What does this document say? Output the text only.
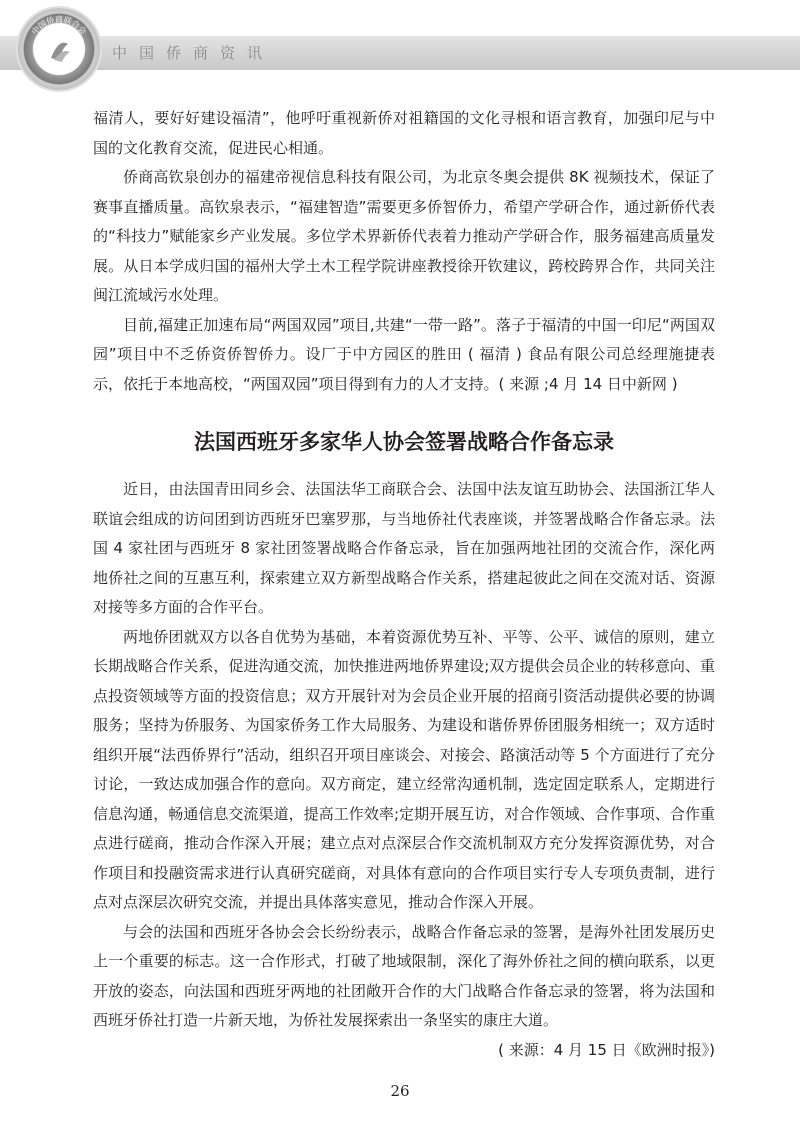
中国侨商联合会
中国侨商资讯

福清人，要好好建设福清”，他呼吁重视新侨对祖籍国的文化寻根和语言教育，加强印尼与中国的文化教育交流，促进民心相通。

侨商高钦泉创办的福建帝视信息科技有限公司，为北京冬奥会提供 8K 视频技术，保证了赛事直播质量。高钦泉表示，“福建智造”需要更多侨智侨力，希望产学研合作，通过新侨代表的“科技力”赋能家乡产业发展。多位学术界新侨代表着力推动产学研合作，服务福建高质量发展。从日本学成归国的福州大学土木工程学院讲座教授徐开钦建议，跨校跨界合作，共同关注闽江流域污水处理。

目前,福建正加速布局“两国双园”项目,共建“一带一路”。落子于福清的中国一印尼“两国双园”项目中不乏侨资侨智侨力。设厂于中方园区的胜田 ( 福清 ) 食品有限公司总经理施捷表示，依托于本地高校，“两国双园”项目得到有力的人才支持。( 来源 ;4 月 14 日中新网 )

法国西班牙多家华人协会签署战略合作备忘录

近日，由法国青田同乡会、法国法华工商联合会、法国中法友谊互助协会、法国浙江华人联谊会组成的访问团到访西班牙巴塞罗那，与当地侨社代表座谈，并签署战略合作备忘录。法国 4 家社团与西班牙 8 家社团签署战略合作备忘录，旨在加强两地社团的交流合作，深化两地侨社之间的互惠互利，探索建立双方新型战略合作关系，搭建起彼此之间在交流对话、资源对接等多方面的合作平台。

两地侨团就双方以各自优势为基础，本着资源优势互补、平等、公平、诚信的原则，建立长期战略合作关系，促进沟通交流，加快推进两地侨界建设;双方提供会员企业的转移意向、重点投资领域等方面的投资信息；双方开展针对为会员企业开展的招商引资活动提供必要的协调服务；坚持为侨服务、为国家侨务工作大局服务、为建设和谐侨界侨团服务相统一；双方适时组织开展“法西侨界行”活动，组织召开项目座谈会、对接会、路演活动等 5 个方面进行了充分讨论，一致达成加强合作的意向。双方商定，建立经常沟通机制，选定固定联系人，定期进行信息沟通，畅通信息交流渠道，提高工作效率;定期开展互访，对合作领域、合作事项、合作重点进行磋商，推动合作深入开展；建立点对点深层合作交流机制双方充分发挥资源优势，对合作项目和投融资需求进行认真研究磋商，对具体有意向的合作项目实行专人专项负责制，进行点对点深层次研究交流，并提出具体落实意见，推动合作深入开展。

与会的法国和西班牙各协会会长纷纷表示，战略合作备忘录的签署，是海外社团发展历史上一个重要的标志。这一合作形式，打破了地域限制，深化了海外侨社之间的横向联系，以更开放的姿态，向法国和西班牙两地的社团敞开合作的大门战略合作备忘录的签署，将为法国和西班牙侨社打造一片新天地，为侨社发展探索出一条坚实的康庄大道。

( 来源：4 月 15 日《欧洲时报》)

26
